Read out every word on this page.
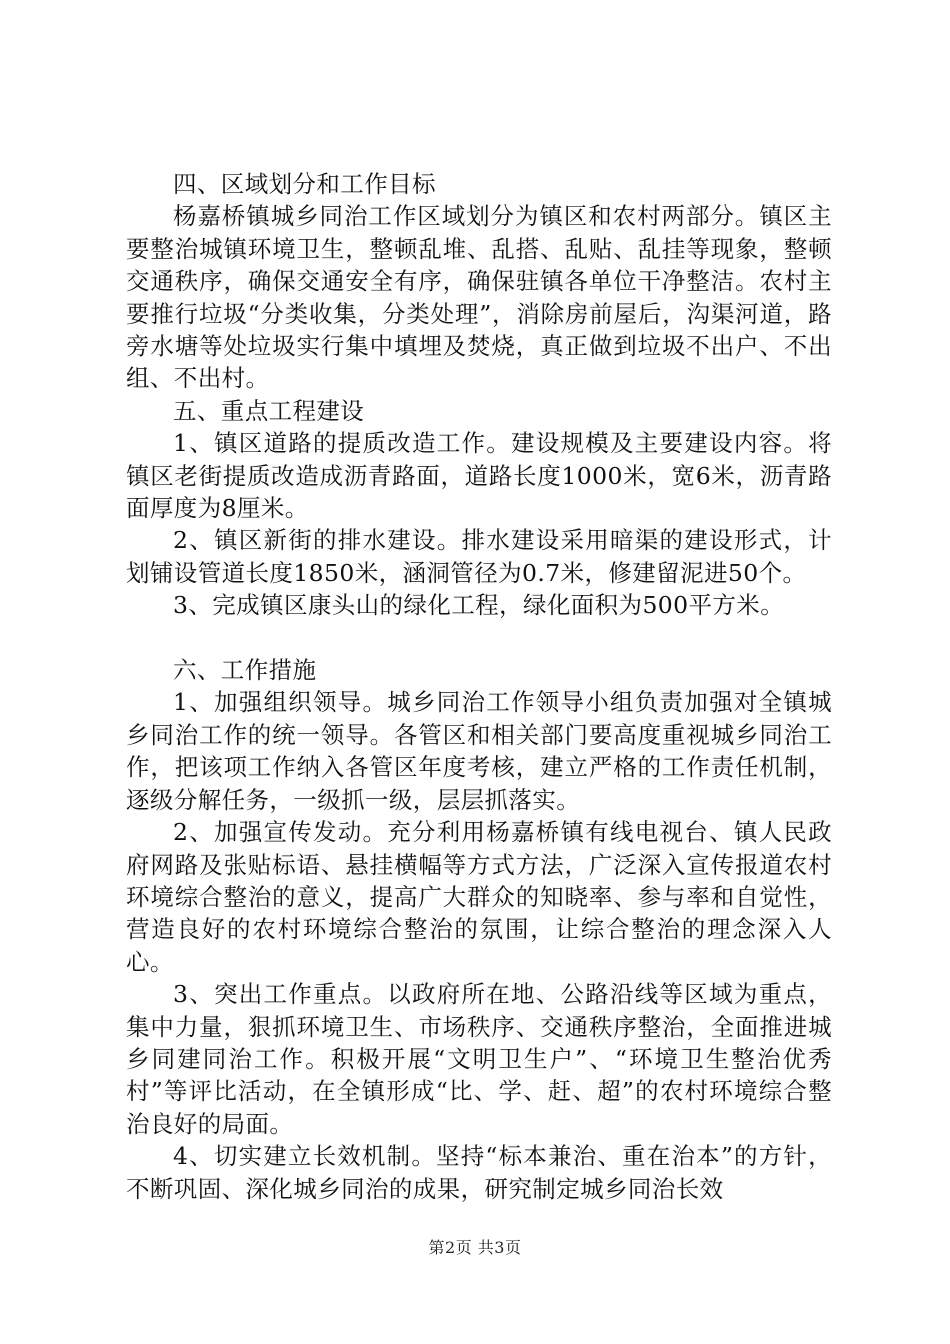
四、区域划分和工作目标

杨嘉桥镇城乡同治工作区域划分为镇区和农村两部分。镇区主要整治城镇环境卫生，整顿乱堆、乱搭、乱贴、乱挂等现象，整顿交通秩序，确保交通安全有序，确保驻镇各单位干净整洁。农村主要推行垃圾“分类收集，分类处理”，消除房前屋后，沟渠河道，路旁水塘等处垃圾实行集中填埋及焚烧，真正做到垃圾不出户、不出组、不出村。

五、重点工程建设

1、镇区道路的提质改造工作。建设规模及主要建设内容。将镇区老街提质改造成沥青路面，道路长度1000米，宽6米，沥青路面厚度为8厘米。

2、镇区新街的排水建设。排水建设采用暗渠的建设形式，计划铺设管道长度1850米，涵洞管径为0.7米，修建留泥进50个。

3、完成镇区康头山的绿化工程，绿化面积为500平方米。

六、工作措施

1、加强组织领导。城乡同治工作领导小组负责加强对全镇城乡同治工作的统一领导。各管区和相关部门要高度重视城乡同治工作，把该项工作纳入各管区年度考核，建立严格的工作责任机制，逐级分解任务，一级抓一级，层层抓落实。

2、加强宣传发动。充分利用杨嘉桥镇有线电视台、镇人民政府网路及张贴标语、悬挂横幅等方式方法，广泛深入宣传报道农村环境综合整治的意义，提高广大群众的知晓率、参与率和自觉性，营造良好的农村环境综合整治的氛围，让综合整治的理念深入人心。

3、突出工作重点。以政府所在地、公路沿线等区域为重点，集中力量，狠抓环境卫生、市场秩序、交通秩序整治，全面推进城乡同建同治工作。积极开展“文明卫生户”、“环境卫生整治优秀村”等评比活动，在全镇形成“比、学、赶、超”的农村环境综合整治良好的局面。

4、切实建立长效机制。坚持“标本兼治、重在治本”的方针，不断巩固、深化城乡同治的成果，研究制定城乡同治长效

第2页 共3页
